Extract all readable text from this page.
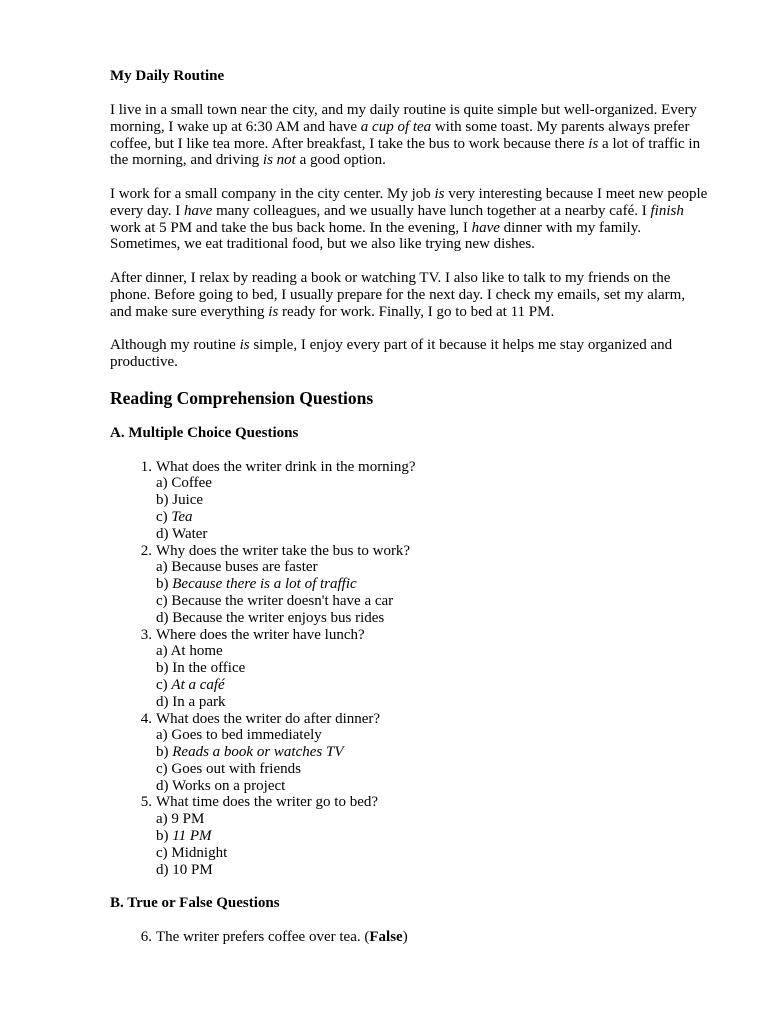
My Daily Routine

I live in a small town near the city, and my daily routine is quite simple but well-organized. Every morning, I wake up at 6:30 AM and have a cup of tea with some toast. My parents always prefer coffee, but I like tea more. After breakfast, I take the bus to work because there is a lot of traffic in the morning, and driving is not a good option.

I work for a small company in the city center. My job is very interesting because I meet new people every day. I have many colleagues, and we usually have lunch together at a nearby café. I finish work at 5 PM and take the bus back home. In the evening, I have dinner with my family. Sometimes, we eat traditional food, but we also like trying new dishes.

After dinner, I relax by reading a book or watching TV. I also like to talk to my friends on the phone. Before going to bed, I usually prepare for the next day. I check my emails, set my alarm, and make sure everything is ready for work. Finally, I go to bed at 11 PM.

Although my routine is simple, I enjoy every part of it because it helps me stay organized and productive.

Reading Comprehension Questions
A. Multiple Choice Questions
1. What does the writer drink in the morning?
a) Coffee
b) Juice
c) Tea
d) Water
2. Why does the writer take the bus to work?
a) Because buses are faster
b) Because there is a lot of traffic
c) Because the writer doesn't have a car
d) Because the writer enjoys bus rides
3. Where does the writer have lunch?
a) At home
b) In the office
c) At a café
d) In a park
4. What does the writer do after dinner?
a) Goes to bed immediately
b) Reads a book or watches TV
c) Goes out with friends
d) Works on a project
5. What time does the writer go to bed?
a) 9 PM
b) 11 PM
c) Midnight
d) 10 PM
B. True or False Questions
6. The writer prefers coffee over tea. (False)
